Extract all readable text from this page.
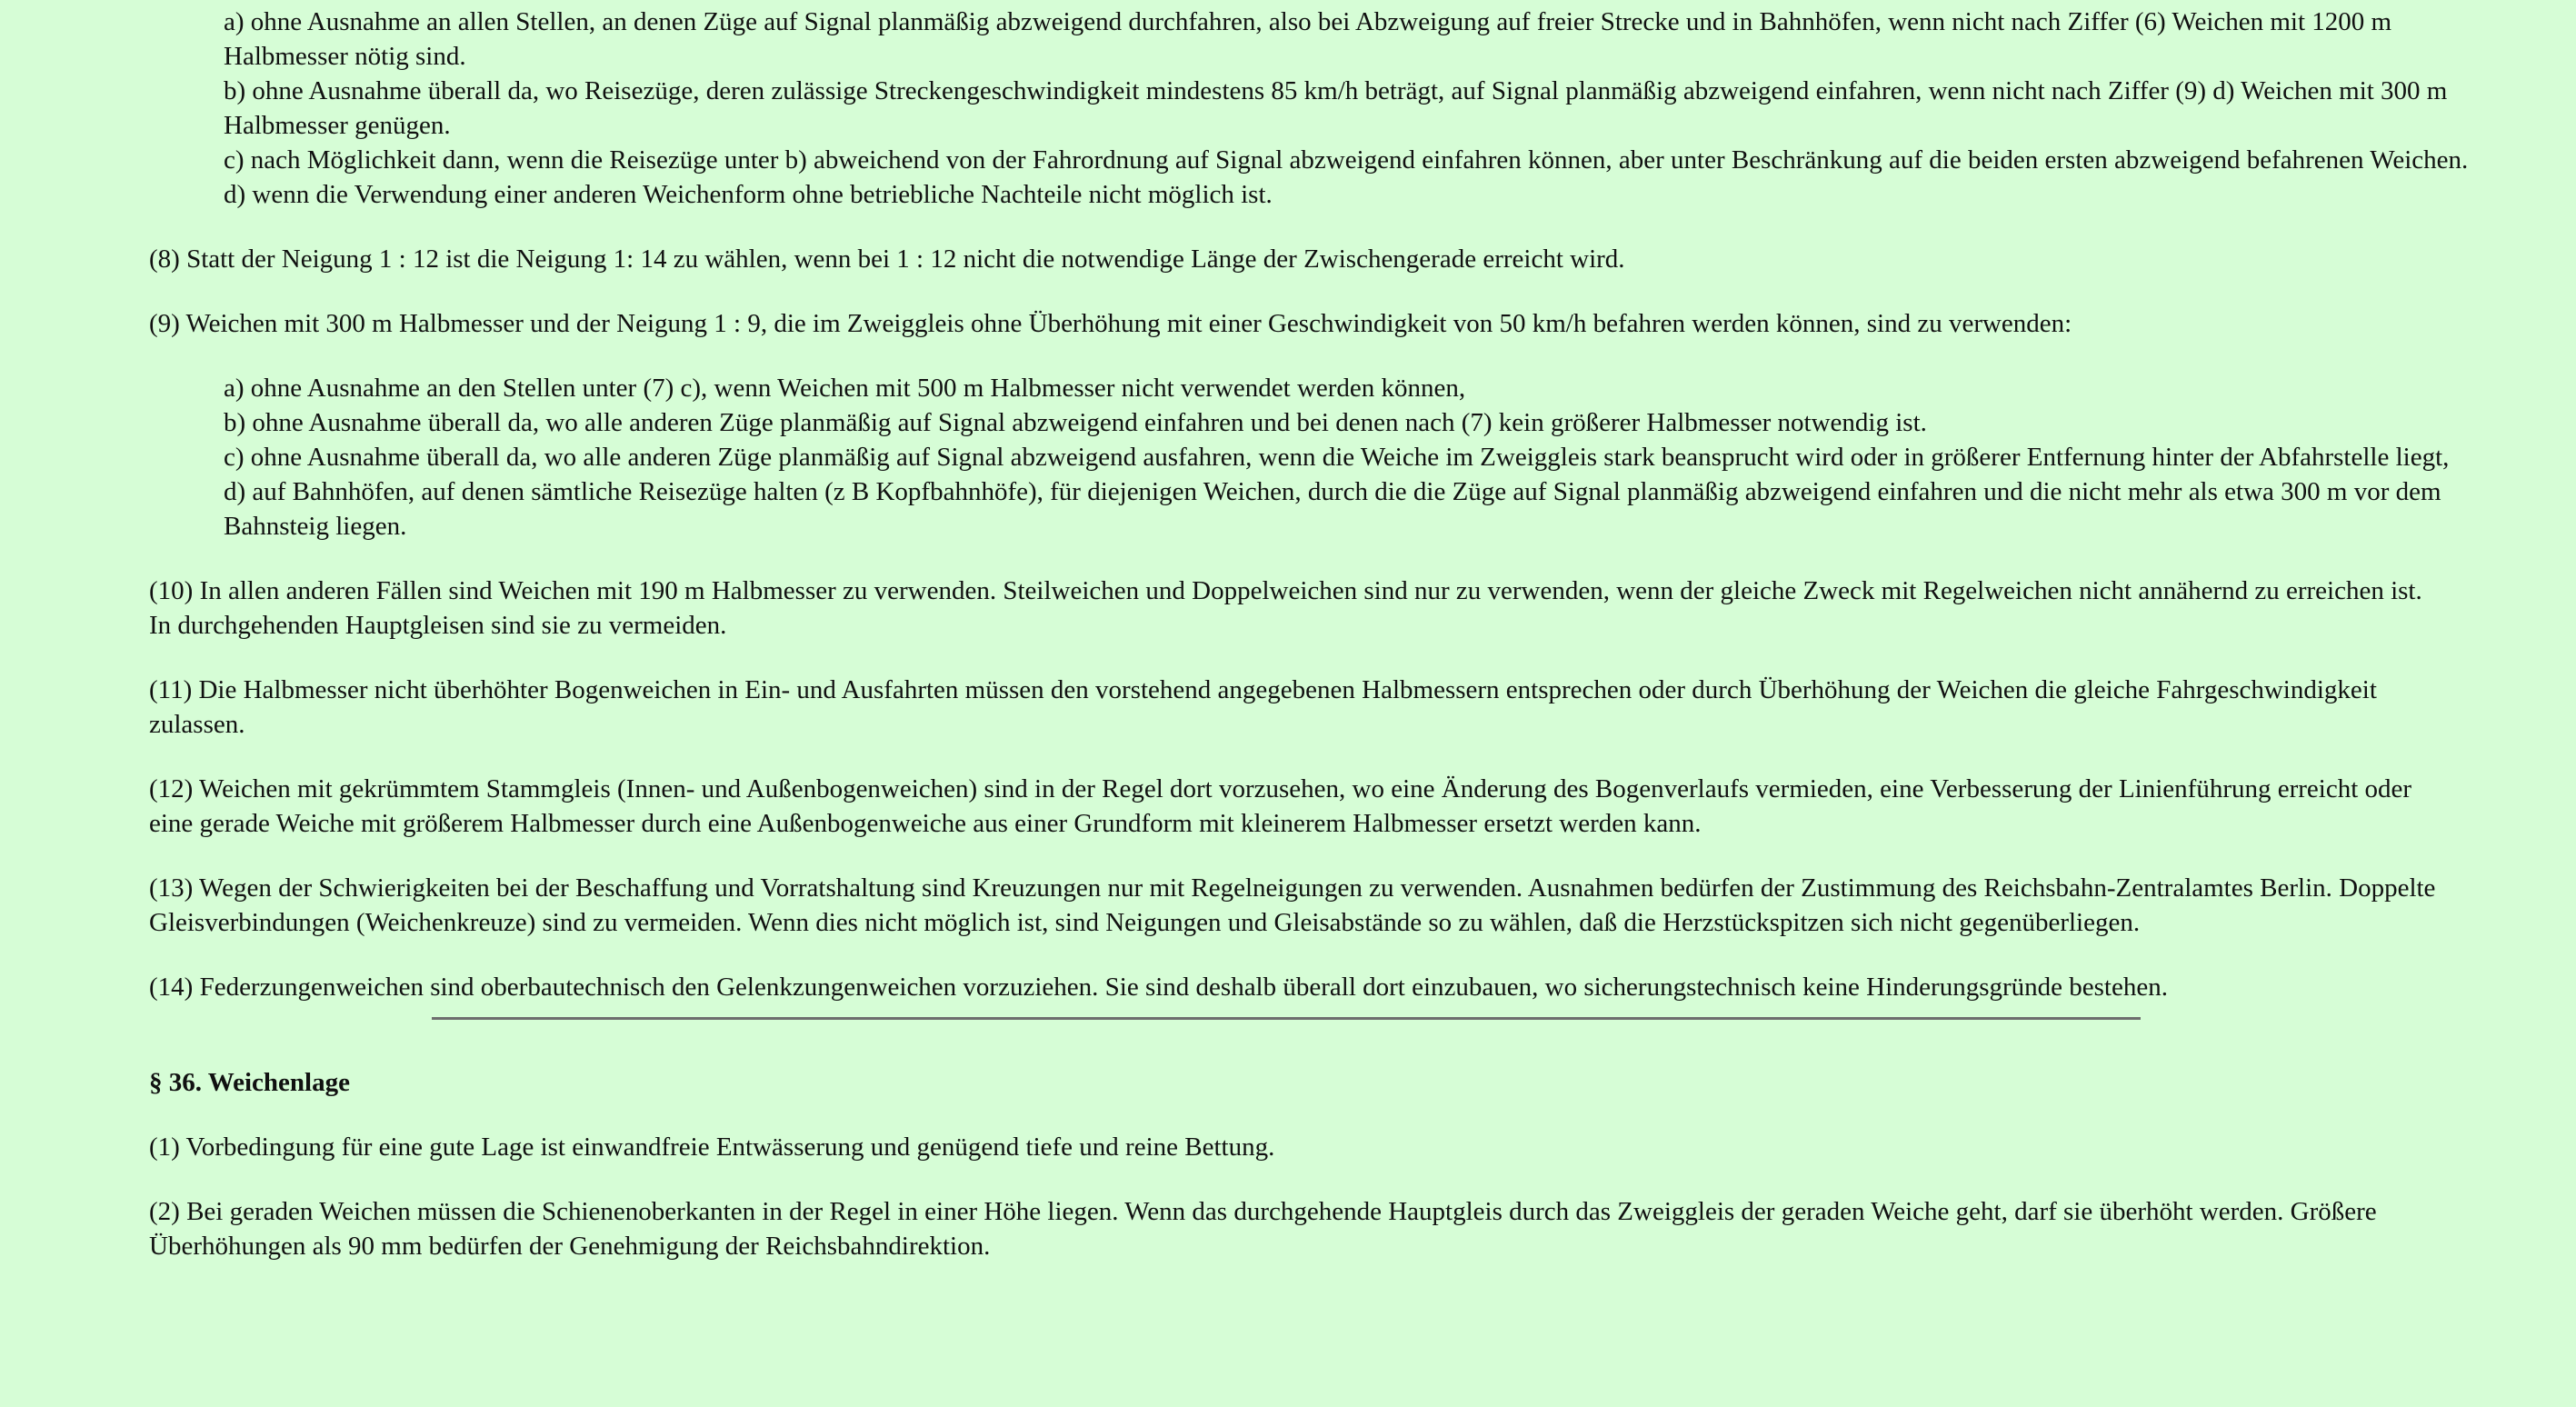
a) ohne Ausnahme an allen Stellen, an denen Züge auf Signal planmäßig abzweigend durchfahren, also bei Abzweigung auf freier Strecke und in Bahnhöfen, wenn nicht nach Ziffer (6) Weichen mit 1200 m Halbmesser nötig sind.

b) ohne Ausnahme überall da, wo Reisezüge, deren zulässige Streckengeschwindigkeit mindestens 85 km/h beträgt, auf Signal planmäßig abzweigend einfahren, wenn nicht nach Ziffer (9) d) Weichen mit 300 m Halbmesser genügen.

c) nach Möglichkeit dann, wenn die Reisezüge unter b) abweichend von der Fahrordnung auf Signal abzweigend einfahren können, aber unter Beschränkung auf die beiden ersten abzweigend befahrenen Weichen.

d) wenn die Verwendung einer anderen Weichenform ohne betriebliche Nachteile nicht möglich ist.

(8) Statt der Neigung 1 : 12 ist die Neigung 1: 14 zu wählen, wenn bei 1 : 12 nicht die notwendige Länge der Zwischengerade erreicht wird.

(9) Weichen mit 300 m Halbmesser und der Neigung 1 : 9, die im Zweiggleis ohne Überhöhung mit einer Geschwindigkeit von 50 km/h befahren werden können, sind zu verwenden:

a) ohne Ausnahme an den Stellen unter (7) c), wenn Weichen mit 500 m Halbmesser nicht verwendet werden können,

b) ohne Ausnahme überall da, wo alle anderen Züge planmäßig auf Signal abzweigend einfahren und bei denen nach (7) kein größerer Halbmesser notwendig ist.

c) ohne Ausnahme überall da, wo alle anderen Züge planmäßig auf Signal abzweigend ausfahren, wenn die Weiche im Zweiggleis stark beansprucht wird oder in größerer Entfernung hinter der Abfahrstelle liegt,

d) auf Bahnhöfen, auf denen sämtliche Reisezüge halten (z B Kopfbahnhöfe), für diejenigen Weichen, durch die die Züge auf Signal planmäßig abzweigend einfahren und die nicht mehr als etwa 300 m vor dem Bahnsteig liegen.

(10) In allen anderen Fällen sind Weichen mit 190 m Halbmesser zu verwenden. Steilweichen und Doppelweichen sind nur zu verwenden, wenn der gleiche Zweck mit Regelweichen nicht annähernd zu erreichen ist. In durchgehenden Hauptgleisen sind sie zu vermeiden.

(11) Die Halbmesser nicht überhöhter Bogenweichen in Ein- und Ausfahrten müssen den vorstehend angegebenen Halbmessern entsprechen oder durch Überhöhung der Weichen die gleiche Fahrgeschwindigkeit zulassen.

(12) Weichen mit gekrümmtem Stammgleis (Innen- und Außenbogenweichen) sind in der Regel dort vorzusehen, wo eine Änderung des Bogenverlaufs vermieden, eine Verbesserung der Linienführung erreicht oder eine gerade Weiche mit größerem Halbmesser durch eine Außenbogenweiche aus einer Grundform mit kleinerem Halbmesser ersetzt werden kann.

(13) Wegen der Schwierigkeiten bei der Beschaffung und Vorratshaltung sind Kreuzungen nur mit Regelneigungen zu verwenden. Ausnahmen bedürfen der Zustimmung des Reichsbahn-Zentralamtes Berlin. Doppelte Gleisverbindungen (Weichenkreuze) sind zu vermeiden. Wenn dies nicht möglich ist, sind Neigungen und Gleisabstände so zu wählen, daß die Herzstückspitzen sich nicht gegenüberliegen.

(14) Federzungenweichen sind oberbautechnisch den Gelenkzungenweichen vorzuziehen. Sie sind deshalb überall dort einzubauen, wo sicherungstechnisch keine Hinderungsgründe bestehen.

§ 36. Weichenlage

(1) Vorbedingung für eine gute Lage ist einwandfreie Entwässerung und genügend tiefe und reine Bettung.

(2) Bei geraden Weichen müssen die Schienenoberkanten in der Regel in einer Höhe liegen. Wenn das durchgehende Hauptgleis durch das Zweiggleis der geraden Weiche geht, darf sie überhöht werden. Größere Überhöhungen als 90 mm bedürfen der Genehmigung der Reichsbahndirektion.
